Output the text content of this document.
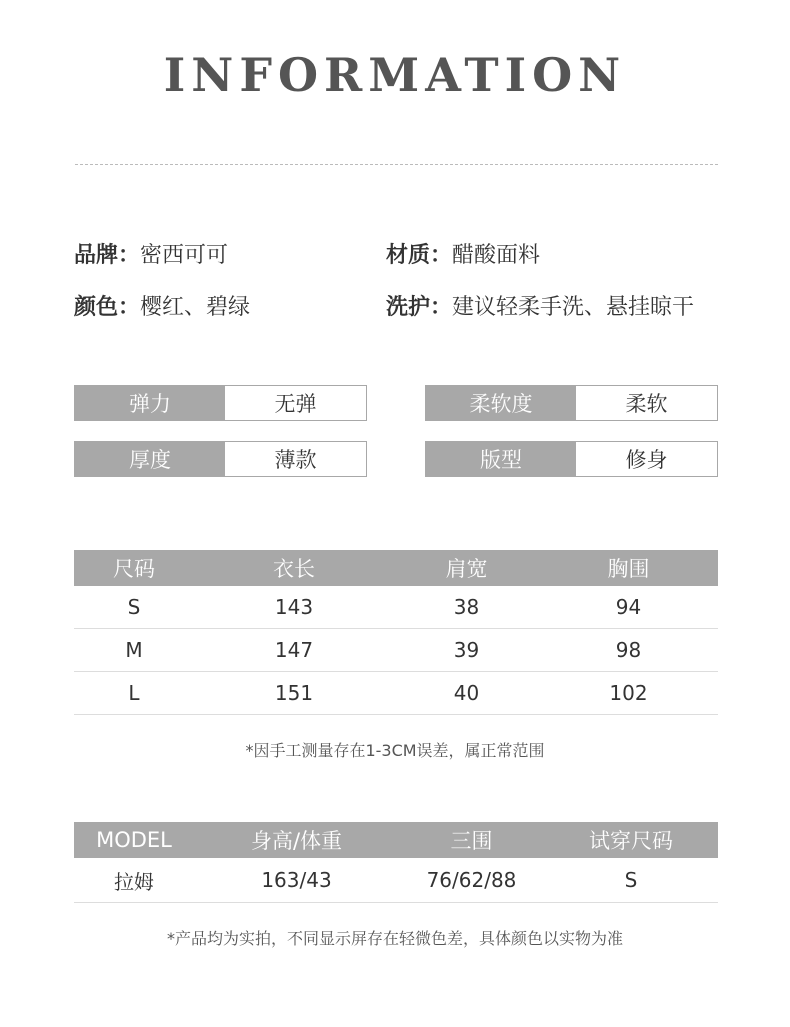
INFORMATION
品牌：密西可可	材质：醋酸面料
颜色：樱红、碧绿	洗护：建议轻柔手洗、悬挂晾干
弹力	无弹	柔软度	柔软
厚度	薄款	版型	修身
尺码	衣长	肩宽	胸围
S	143	38	94
M	147	39	98
L	151	40	102
*因手工测量存在1-3CM误差，属正常范围
MODEL	身高/体重	三围	试穿尺码
拉姆	163/43	76/62/88	S
*产品均为实拍，不同显示屏存在轻微色差，具体颜色以实物为准
